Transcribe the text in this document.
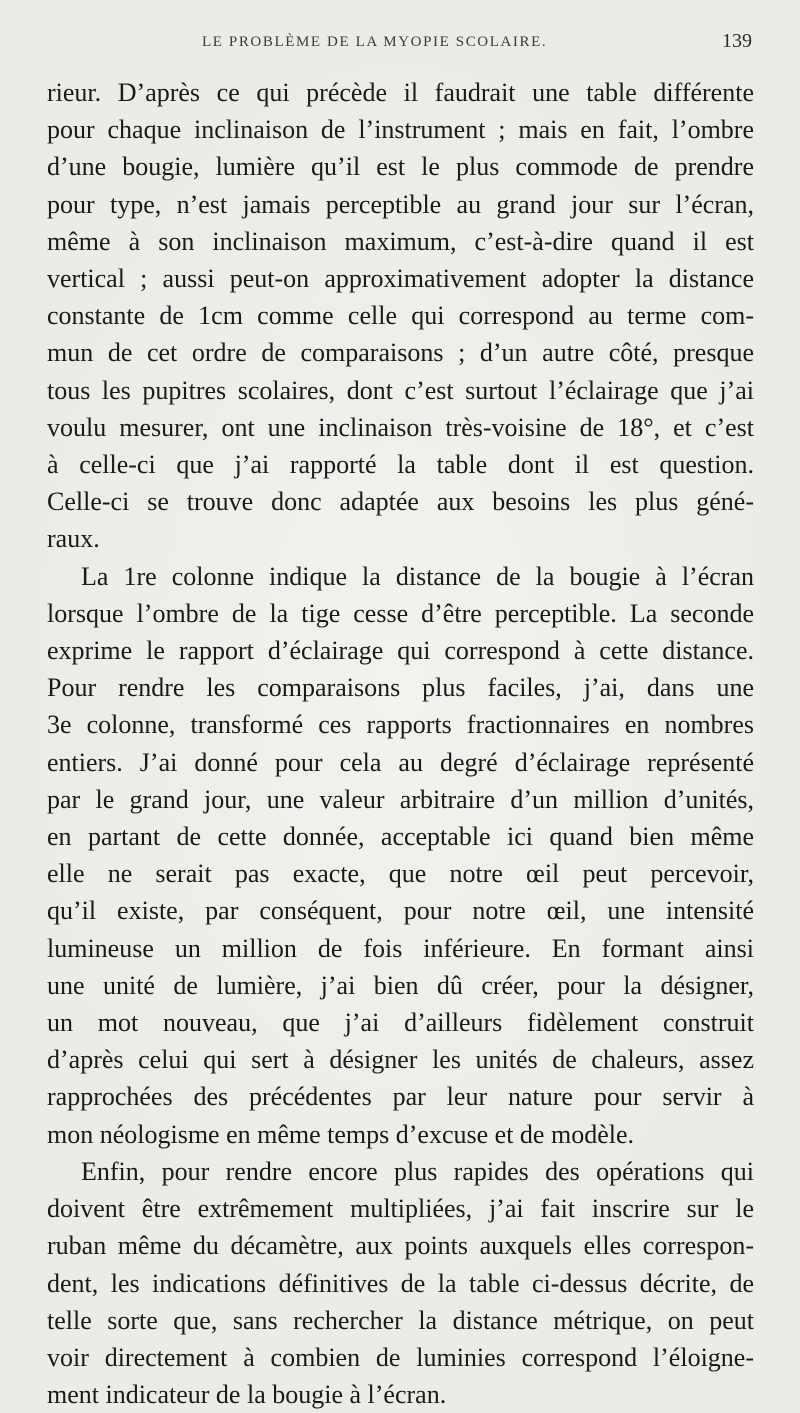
LE PROBLÈME DE LA MYOPIE SCOLAIRE.	139

rieur. D’après ce qui précède il faudrait une table différente
pour chaque inclinaison de l’instrument ; mais en fait, l’ombre
d’une bougie, lumière qu’il est le plus commode de prendre
pour type, n’est jamais perceptible au grand jour sur l’écran,
même à son inclinaison maximum, c’est-à-dire quand il est
vertical ; aussi peut-on approximativement adopter la distance
constante de 1cm comme celle qui correspond au terme com-
mun de cet ordre de comparaisons ; d’un autre côté, presque
tous les pupitres scolaires, dont c’est surtout l’éclairage que j’ai
voulu mesurer, ont une inclinaison très-voisine de 18°, et c’est
à celle-ci que j’ai rapporté la table dont il est question.
Celle-ci se trouve donc adaptée aux besoins les plus géné-
raux.

La 1re colonne indique la distance de la bougie à l’écran
lorsque l’ombre de la tige cesse d’être perceptible. La seconde
exprime le rapport d’éclairage qui correspond à cette distance.
Pour rendre les comparaisons plus faciles, j’ai, dans une
3e colonne, transformé ces rapports fractionnaires en nombres
entiers. J’ai donné pour cela au degré d’éclairage représenté
par le grand jour, une valeur arbitraire d’un million d’unités,
en partant de cette donnée, acceptable ici quand bien même
elle ne serait pas exacte, que notre œil peut percevoir,
qu’il existe, par conséquent, pour notre œil, une intensité
lumineuse un million de fois inférieure. En formant ainsi
une unité de lumière, j’ai bien dû créer, pour la désigner,
un mot nouveau, que j’ai d’ailleurs fidèlement construit
d’après celui qui sert à désigner les unités de chaleurs, assez
rapprochées des précédentes par leur nature pour servir à
mon néologisme en même temps d’excuse et de modèle.

Enfin, pour rendre encore plus rapides des opérations qui
doivent être extrêmement multipliées, j’ai fait inscrire sur le
ruban même du décamètre, aux points auxquels elles correspon-
dent, les indications définitives de la table ci-dessus décrite, de
telle sorte que, sans rechercher la distance métrique, on peut
voir directement à combien de luminies correspond l’éloigne-
ment indicateur de la bougie à l’écran.
